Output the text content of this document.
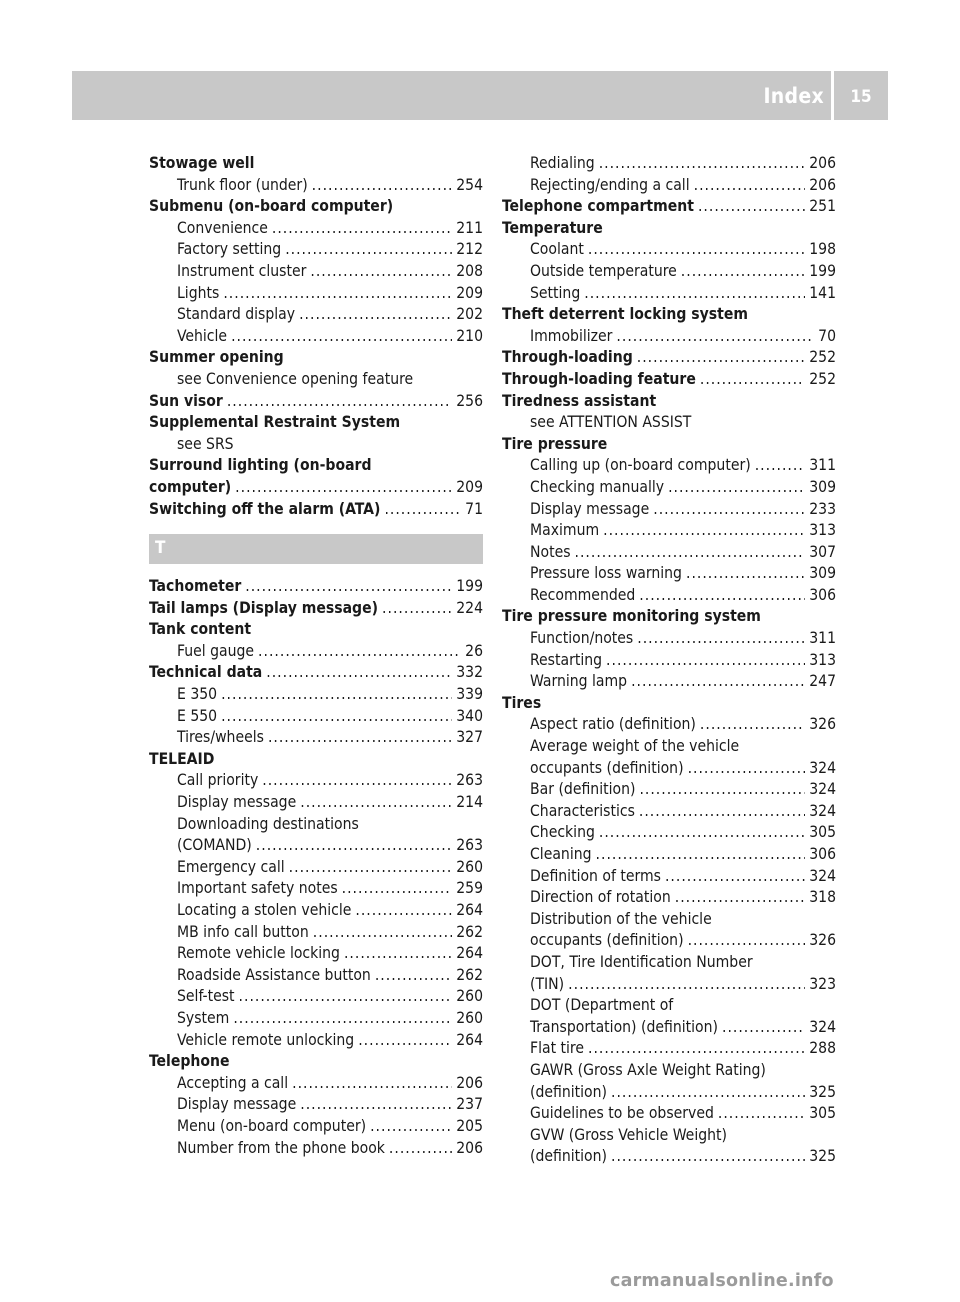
Index	15
Stowage well
Trunk floor (under) .....	254
Submenu (on-board computer)
Convenience .....	211
Factory setting .....	212
Instrument cluster .....	208
Lights .....	209
Standard display .....	202
Vehicle .....	210
Summer opening
see Convenience opening feature
Sun visor .....	256
Supplemental Restraint System
see SRS
Surround lighting (on-board
computer) .....	209
Switching off the alarm (ATA) .....	71
T
Tachometer .....	199
Tail lamps (Display message) .....	224
Tank content
Fuel gauge .....	26
Technical data .....	332
E 350 .....	339
E 550 .....	340
Tires/wheels .....	327
TELEAID
Call priority .....	263
Display message .....	214
Downloading destinations
(COMAND) .....	263
Emergency call .....	260
Important safety notes .....	259
Locating a stolen vehicle .....	264
MB info call button .....	262
Remote vehicle locking .....	264
Roadside Assistance button .....	262
Self-test .....	260
System .....	260
Vehicle remote unlocking .....	264
Telephone
Accepting a call .....	206
Display message .....	237
Menu (on-board computer) .....	205
Number from the phone book .....	206
Redialing .....	206
Rejecting/ending a call .....	206
Telephone compartment .....	251
Temperature
Coolant .....	198
Outside temperature .....	199
Setting .....	141
Theft deterrent locking system
Immobilizer .....	70
Through-loading .....	252
Through-loading feature .....	252
Tiredness assistant
see ATTENTION ASSIST
Tire pressure
Calling up (on-board computer) .....	311
Checking manually .....	309
Display message .....	233
Maximum .....	313
Notes .....	307
Pressure loss warning .....	309
Recommended .....	306
Tire pressure monitoring system
Function/notes .....	311
Restarting .....	313
Warning lamp .....	247
Tires
Aspect ratio (definition) .....	326
Average weight of the vehicle
occupants (definition) .....	324
Bar (definition) .....	324
Characteristics .....	324
Checking .....	305
Cleaning .....	306
Definition of terms .....	324
Direction of rotation .....	318
Distribution of the vehicle
occupants (definition) .....	326
DOT, Tire Identification Number
(TIN) .....	323
DOT (Department of
Transportation) (definition) .....	324
Flat tire .....	288
GAWR (Gross Axle Weight Rating)
(definition) .....	325
Guidelines to be observed .....	305
GVW (Gross Vehicle Weight)
(definition) .....	325
carmanualsonline.info
